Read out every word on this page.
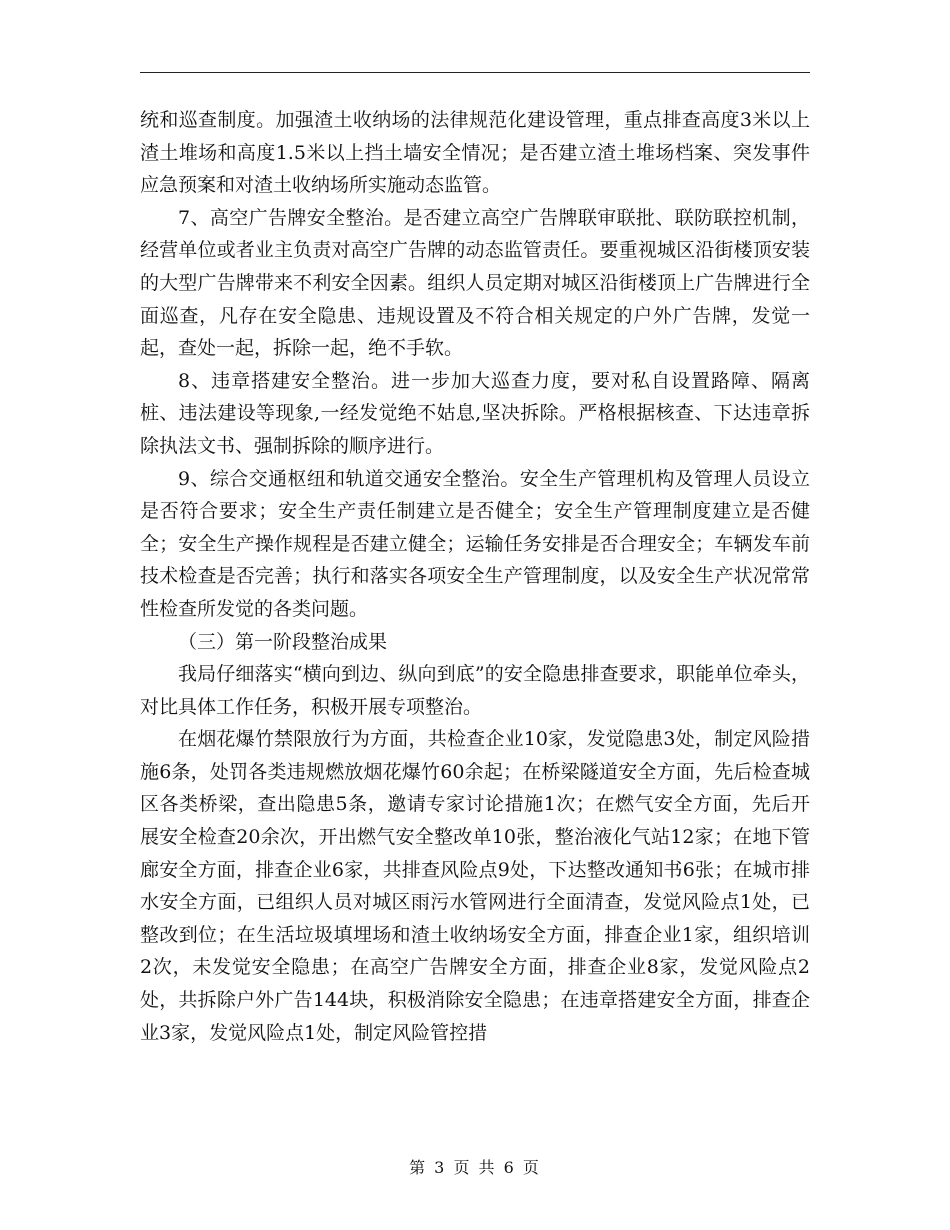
统和巡查制度。加强渣土收纳场的法律规范化建设管理，重点排查高度3米以上渣土堆场和高度1.5米以上挡土墙安全情况；是否建立渣土堆场档案、突发事件应急预案和对渣土收纳场所实施动态监管。

7、高空广告牌安全整治。是否建立高空广告牌联审联批、联防联控机制，经营单位或者业主负责对高空广告牌的动态监管责任。要重视城区沿街楼顶安装的大型广告牌带来不利安全因素。组织人员定期对城区沿街楼顶上广告牌进行全面巡查，凡存在安全隐患、违规设置及不符合相关规定的户外广告牌，发觉一起，查处一起，拆除一起，绝不手软。

8、违章搭建安全整治。进一步加大巡查力度，要对私自设置路障、隔离桩、违法建设等现象,一经发觉绝不姑息,坚决拆除。严格根据核查、下达违章拆除执法文书、强制拆除的顺序进行。

9、综合交通枢纽和轨道交通安全整治。安全生产管理机构及管理人员设立是否符合要求；安全生产责任制建立是否健全；安全生产管理制度建立是否健全；安全生产操作规程是否建立健全；运输任务安排是否合理安全；车辆发车前技术检查是否完善；执行和落实各项安全生产管理制度，以及安全生产状况常常性检查所发觉的各类问题。

（三）第一阶段整治成果

我局仔细落实“横向到边、纵向到底”的安全隐患排查要求，职能单位牵头，对比具体工作任务，积极开展专项整治。

在烟花爆竹禁限放行为方面，共检查企业10家，发觉隐患3处，制定风险措施6条，处罚各类违规燃放烟花爆竹60余起；在桥梁隧道安全方面，先后检查城区各类桥梁，查出隐患5条，邀请专家讨论措施1次；在燃气安全方面，先后开展安全检查20余次，开出燃气安全整改单10张，整治液化气站12家；在地下管廊安全方面，排查企业6家，共排查风险点9处，下达整改通知书6张；在城市排水安全方面，已组织人员对城区雨污水管网进行全面清查，发觉风险点1处，已整改到位；在生活垃圾填埋场和渣土收纳场安全方面，排查企业1家，组织培训2次，未发觉安全隐患；在高空广告牌安全方面，排查企业8家，发觉风险点2处，共拆除户外广告144块，积极消除安全隐患；在违章搭建安全方面，排查企业3家，发觉风险点1处，制定风险管控措

第 3 页 共 6 页
